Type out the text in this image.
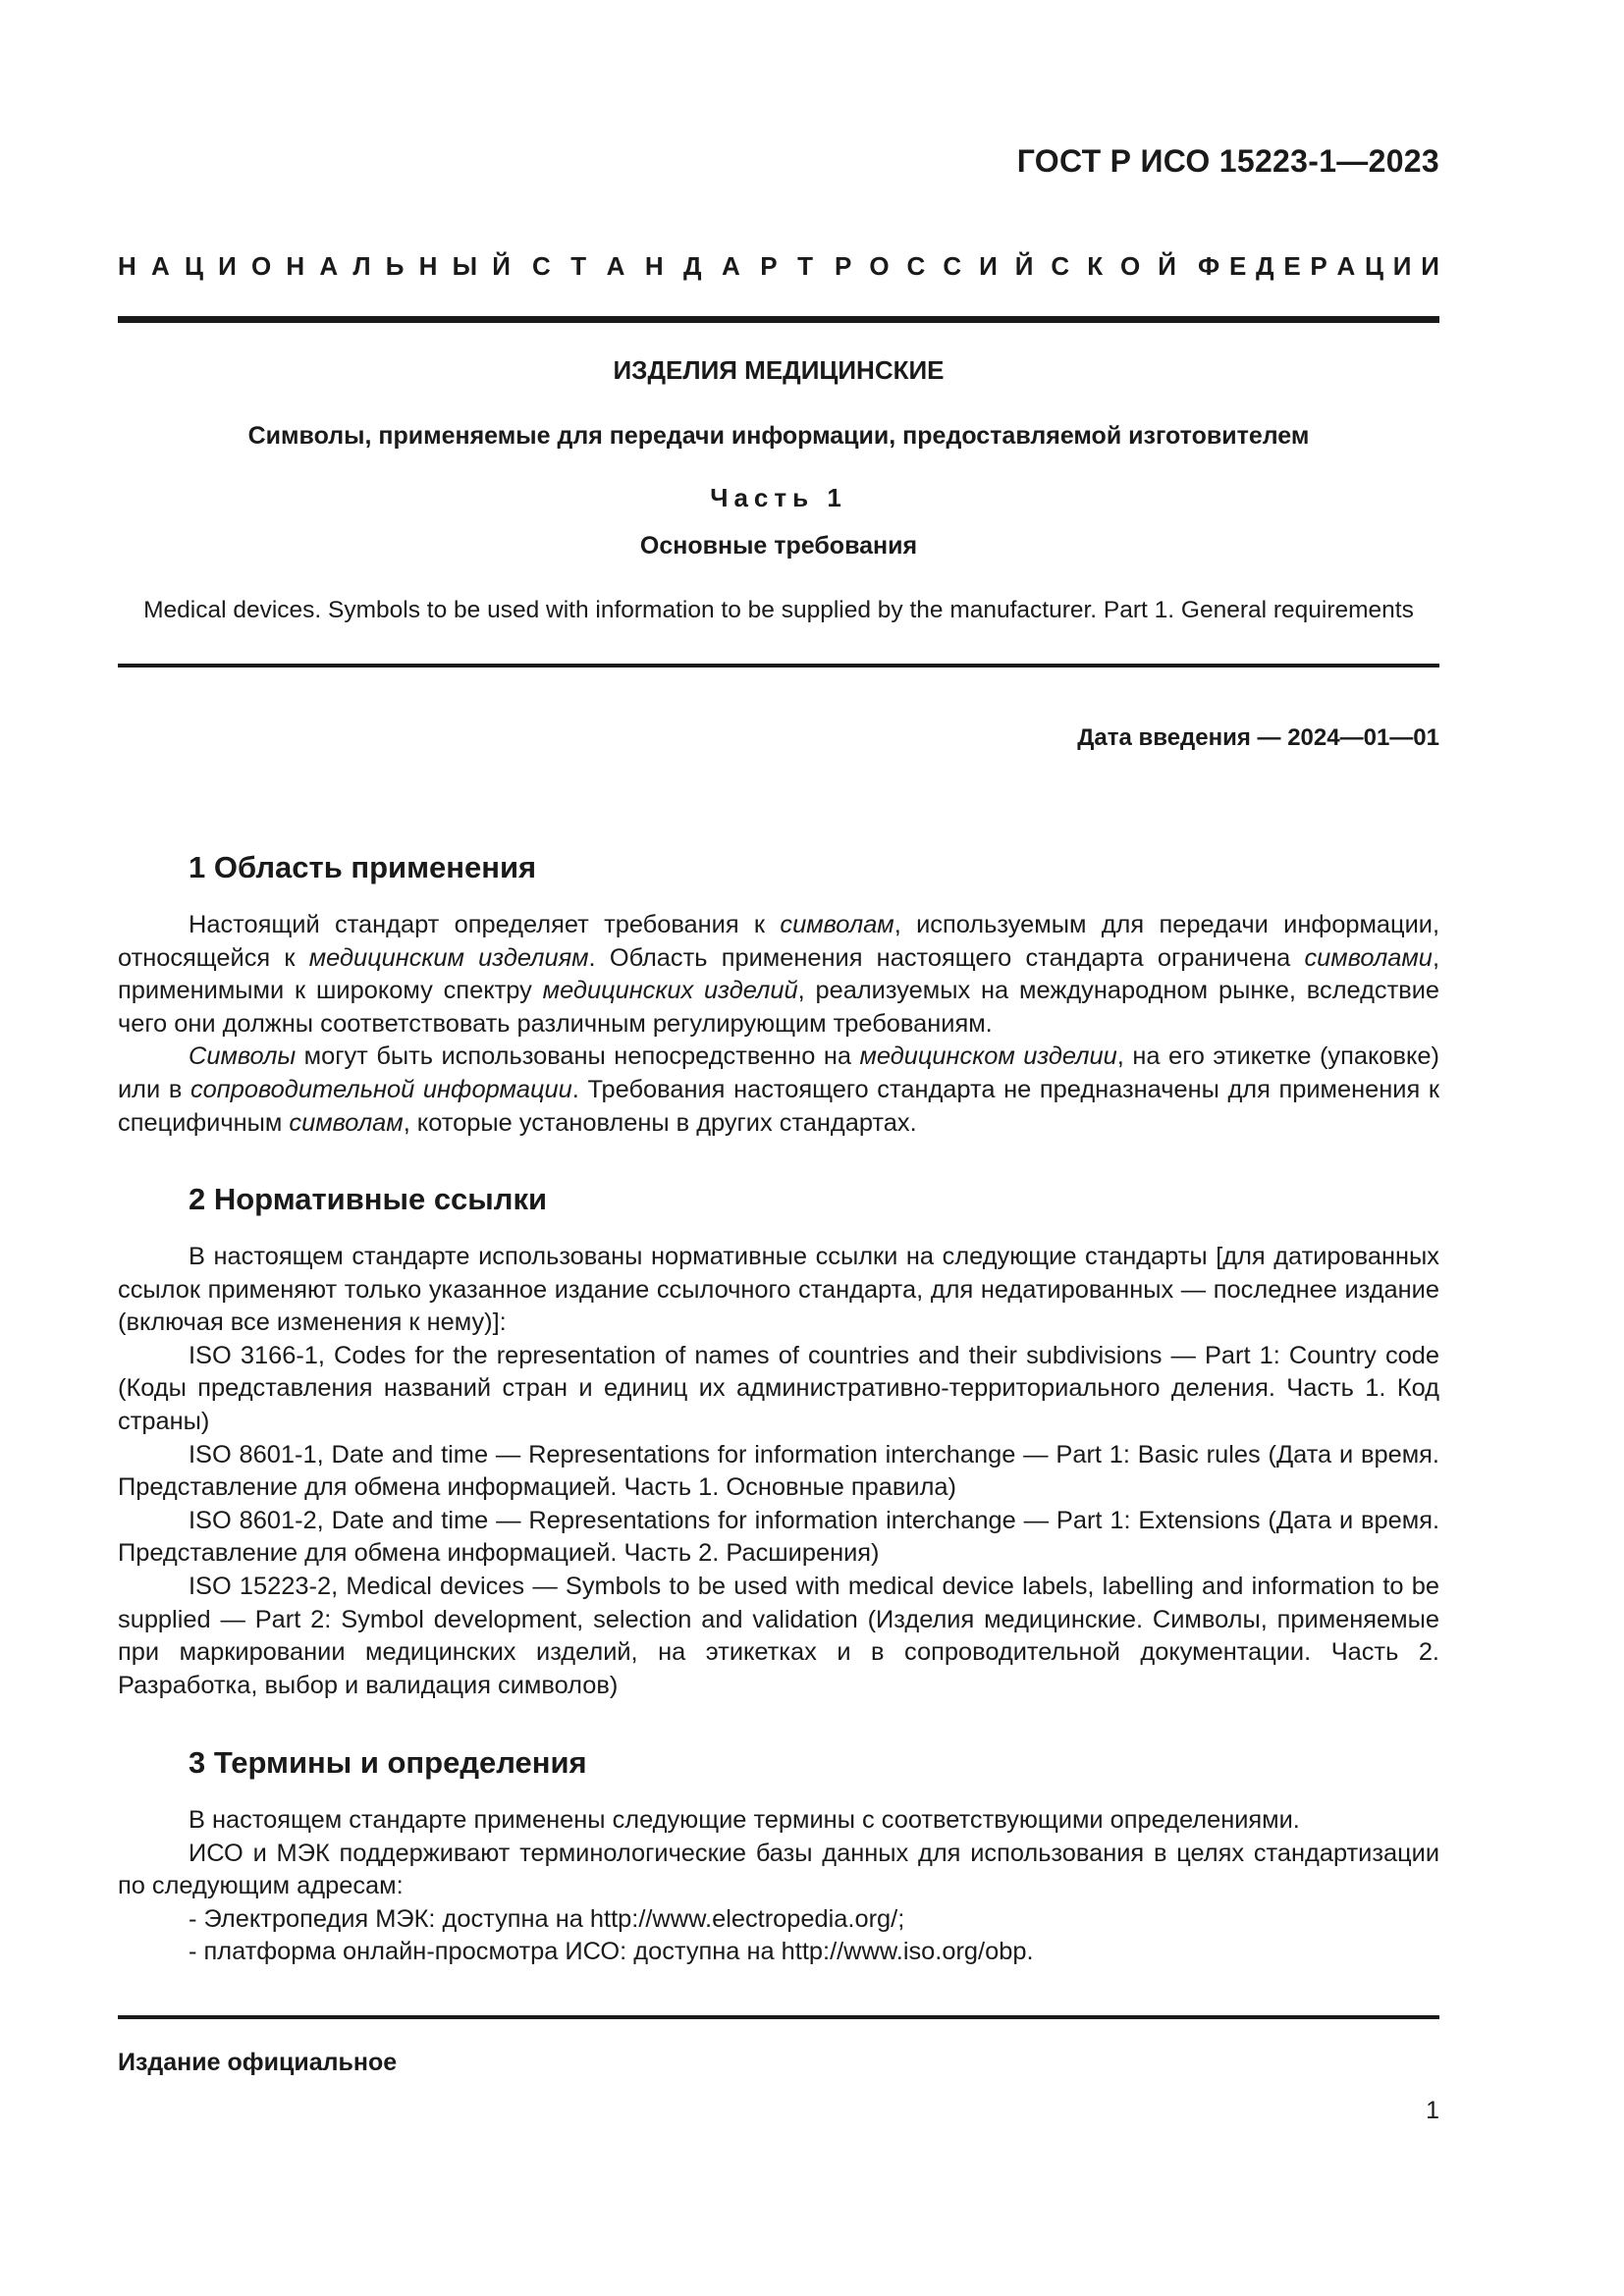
ГОСТ Р ИСО 15223-1—2023
Н А Ц И О Н А Л Ь Н Ы Й С Т А Н Д А Р Т Р О С С И Й С К О Й Ф Е Д Е Р А Ц И И
ИЗДЕЛИЯ МЕДИЦИНСКИЕ
Символы, применяемые для передачи информации, предоставляемой изготовителем
Часть 1
Основные требования
Medical devices. Symbols to be used with information to be supplied by the manufacturer. Part 1. General requirements
Дата введения — 2024—01—01
1 Область применения

Настоящий стандарт определяет требования к символам, используемым для передачи информации, относящейся к медицинским изделиям. Область применения настоящего стандарта ограничена символами, применимыми к широкому спектру медицинских изделий, реализуемых на международном рынке, вследствие чего они должны соответствовать различным регулирующим требованиям.

Символы могут быть использованы непосредственно на медицинском изделии, на его этикетке (упаковке) или в сопроводительной информации. Требования настоящего стандарта не предназначены для применения к специфичным символам, которые установлены в других стандартах.

2 Нормативные ссылки

В настоящем стандарте использованы нормативные ссылки на следующие стандарты [для датированных ссылок применяют только указанное издание ссылочного стандарта, для недатированных — последнее издание (включая все изменения к нему)]:

ISO 3166-1, Codes for the representation of names of countries and their subdivisions — Part 1: Country code (Коды представления названий стран и единиц их административно-территориального деления. Часть 1. Код страны)

ISO 8601-1, Date and time — Representations for information interchange — Part 1: Basic rules (Дата и время. Представление для обмена информацией. Часть 1. Основные правила)

ISO 8601-2, Date and time — Representations for information interchange — Part 1: Extensions (Дата и время. Представление для обмена информацией. Часть 2. Расширения)

ISO 15223-2, Medical devices — Symbols to be used with medical device labels, labelling and information to be supplied — Part 2: Symbol development, selection and validation (Изделия медицинские. Символы, применяемые при маркировании медицинских изделий, на этикетках и в сопроводительной документации. Часть 2. Разработка, выбор и валидация символов)

3 Термины и определения

В настоящем стандарте применены следующие термины с соответствующими определениями.

ИСО и МЭК поддерживают терминологические базы данных для использования в целях стандартизации по следующим адресам:

- Электропедия МЭК: доступна на http://www.electropedia.org/;

- платформа онлайн-просмотра ИСО: доступна на http://www.iso.org/obp.

Издание официальное
1
